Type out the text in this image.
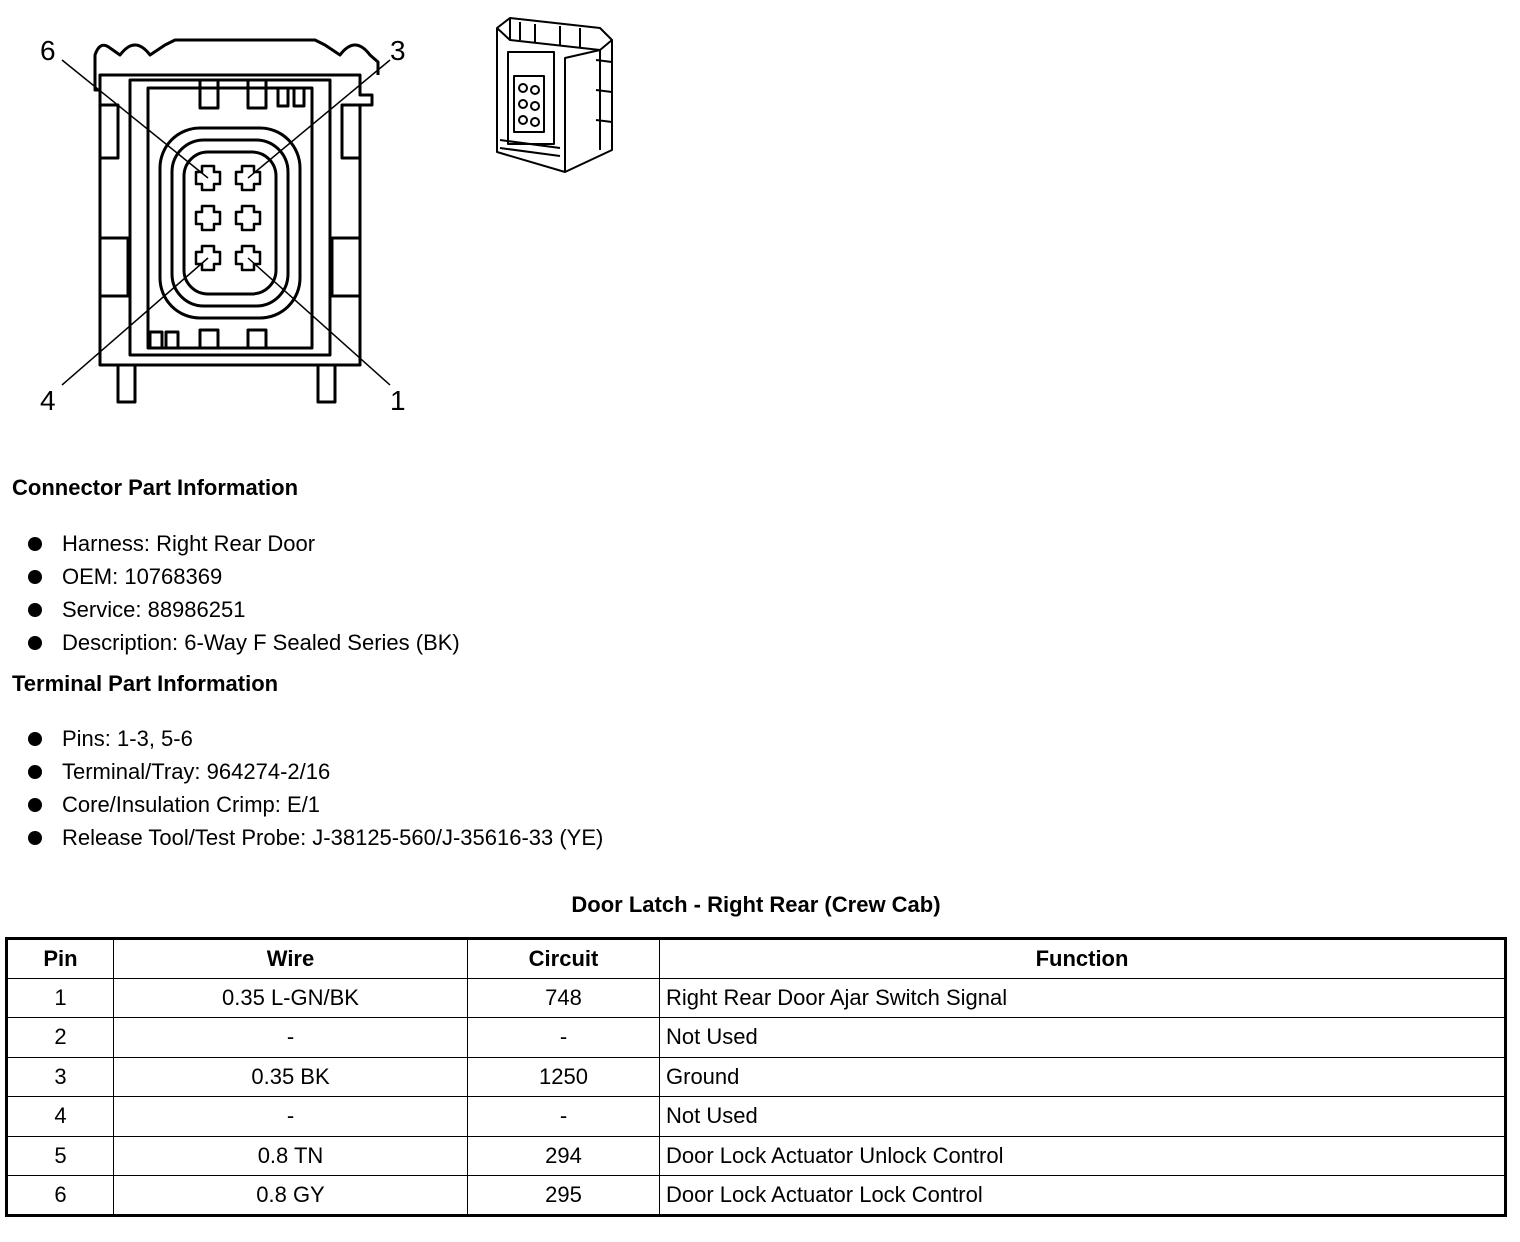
6	3
4	1
Connector Part Information
Harness: Right Rear Door
OEM: 10768369
Service: 88986251
Description: 6-Way F Sealed Series (BK)
Terminal Part Information
Pins: 1-3, 5-6
Terminal/Tray: 964274-2/16
Core/Insulation Crimp: E/1
Release Tool/Test Probe: J-38125-560/J-35616-33 (YE)
Door Latch - Right Rear (Crew Cab)
Pin	Wire	Circuit	Function
1	0.35 L-GN/BK	748	Right Rear Door Ajar Switch Signal
2	-	-	Not Used
3	0.35 BK	1250	Ground
4	-	-	Not Used
5	0.8 TN	294	Door Lock Actuator Unlock Control
6	0.8 GY	295	Door Lock Actuator Lock Control
